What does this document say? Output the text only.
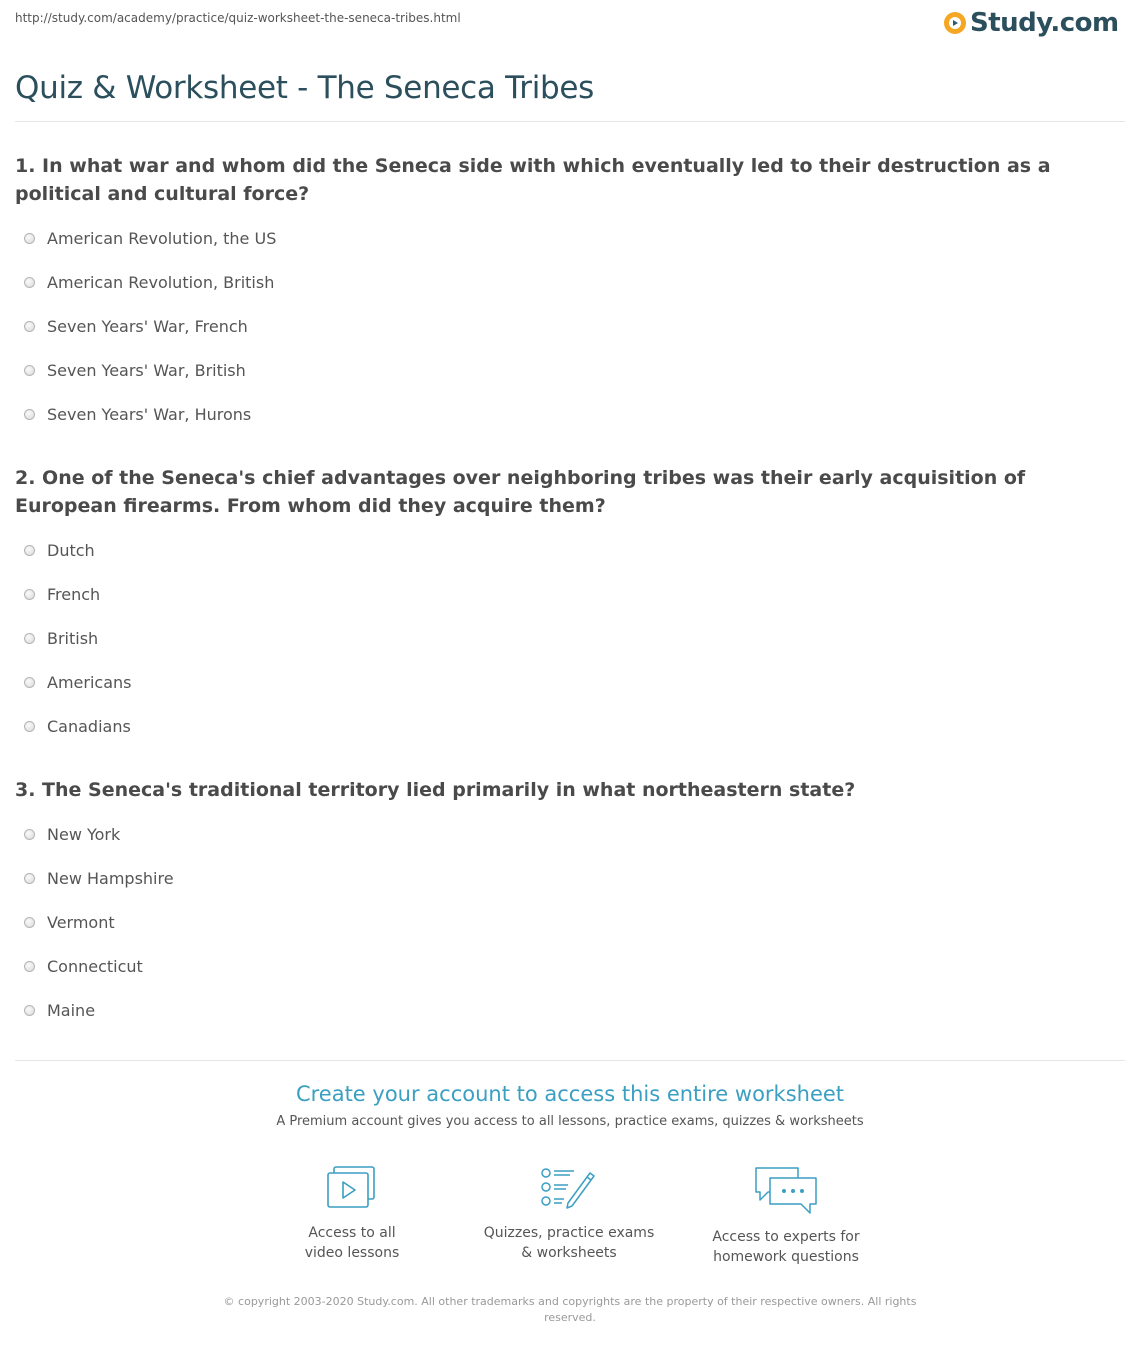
http://study.com/academy/practice/quiz-worksheet-the-seneca-tribes.html	Study.com
Quiz & Worksheet - The Seneca Tribes

1. In what war and whom did the Seneca side with which eventually led to their destruction as a political and cultural force?

American Revolution, the US
American Revolution, British
Seven Years' War, French
Seven Years' War, British
Seven Years' War, Hurons

2. One of the Seneca's chief advantages over neighboring tribes was their early acquisition of European firearms. From whom did they acquire them?

Dutch
French
British
Americans
Canadians

3. The Seneca's traditional territory lied primarily in what northeastern state?

New York
New Hampshire
Vermont
Connecticut
Maine
Create your account to access this entire worksheet
A Premium account gives you access to all lessons, practice exams, quizzes & worksheets
Access to all
video lessons
Quizzes, practice exams
& worksheets
Access to experts for
homework questions
© copyright 2003-2020 Study.com. All other trademarks and copyrights are the property of their respective owners. All rights reserved.
